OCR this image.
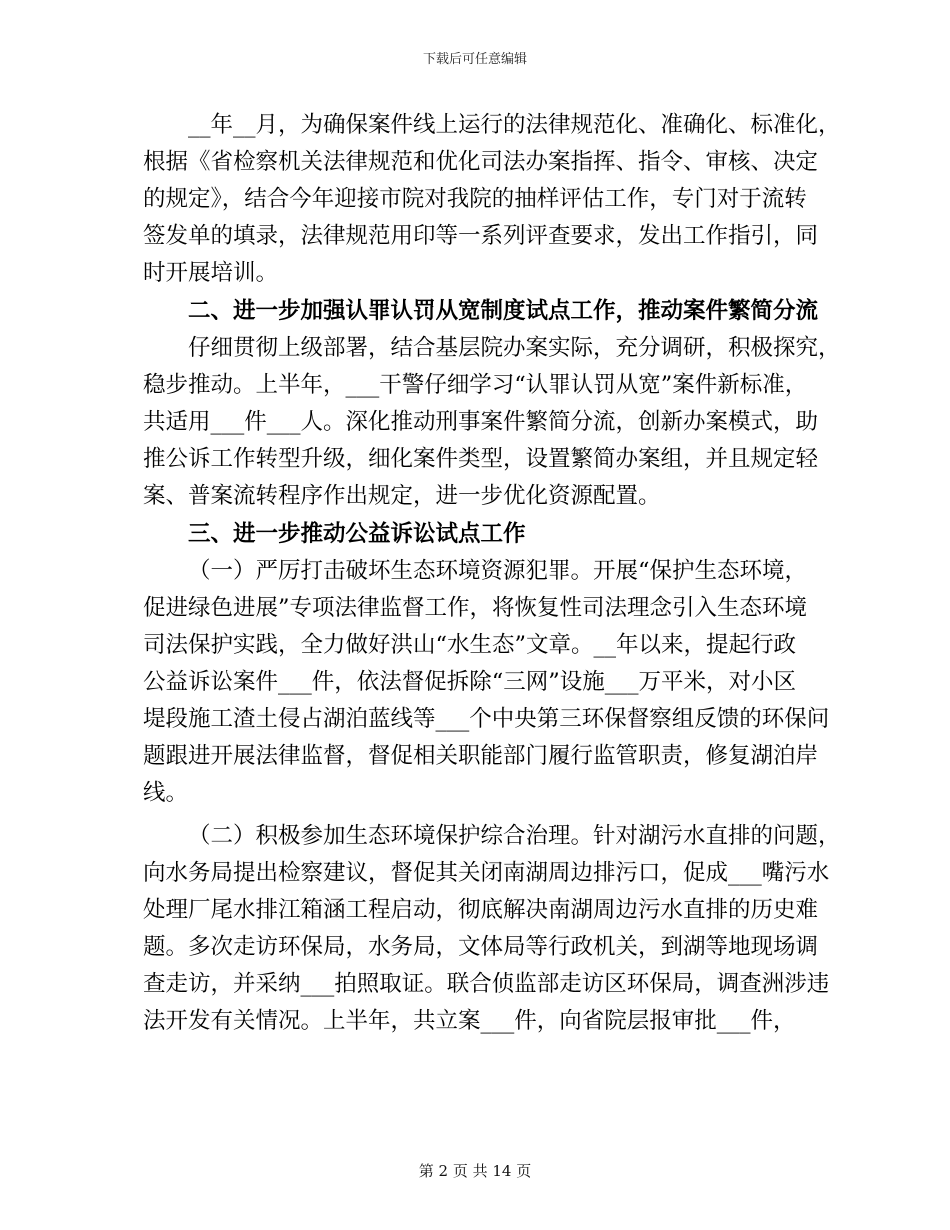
下载后可任意编辑
__年__月，为确保案件线上运行的法律规范化、准确化、标准化，
根据《省检察机关法律规范和优化司法办案指挥、指令、审核、决定
的规定》，结合今年迎接市院对我院的抽样评估工作，专门对于流转
签发单的填录，法律规范用印等一系列评查要求，发出工作指引，同
时开展培训。
二、进一步加强认罪认罚从宽制度试点工作，推动案件繁简分流
仔细贯彻上级部署，结合基层院办案实际，充分调研，积极探究，
稳步推动。上半年，___干警仔细学习“认罪认罚从宽”案件新标准，
共适用___件___人。深化推动刑事案件繁简分流，创新办案模式，助
推公诉工作转型升级，细化案件类型，设置繁简办案组，并且规定轻
案、普案流转程序作出规定，进一步优化资源配置。
三、进一步推动公益诉讼试点工作
（一）严厉打击破坏生态环境资源犯罪。开展“保护生态环境，
促进绿色进展”专项法律监督工作，将恢复性司法理念引入生态环境
司法保护实践，全力做好洪山“水生态”文章。__年以来，提起行政
公益诉讼案件___件，依法督促拆除“三网”设施___万平米，对小区
堤段施工渣土侵占湖泊蓝线等___个中央第三环保督察组反馈的环保问
题跟进开展法律监督，督促相关职能部门履行监管职责，修复湖泊岸
线。
（二）积极参加生态环境保护综合治理。针对湖污水直排的问题，
向水务局提出检察建议，督促其关闭南湖周边排污口，促成___嘴污水
处理厂尾水排江箱涵工程启动，彻底解决南湖周边污水直排的历史难
题。多次走访环保局，水务局，文体局等行政机关，到湖等地现场调
查走访，并采纳___拍照取证。联合侦监部走访区环保局，调查洲涉违
法开发有关情况。上半年，共立案___件，向省院层报审批___件，
第 2 页 共 14 页
